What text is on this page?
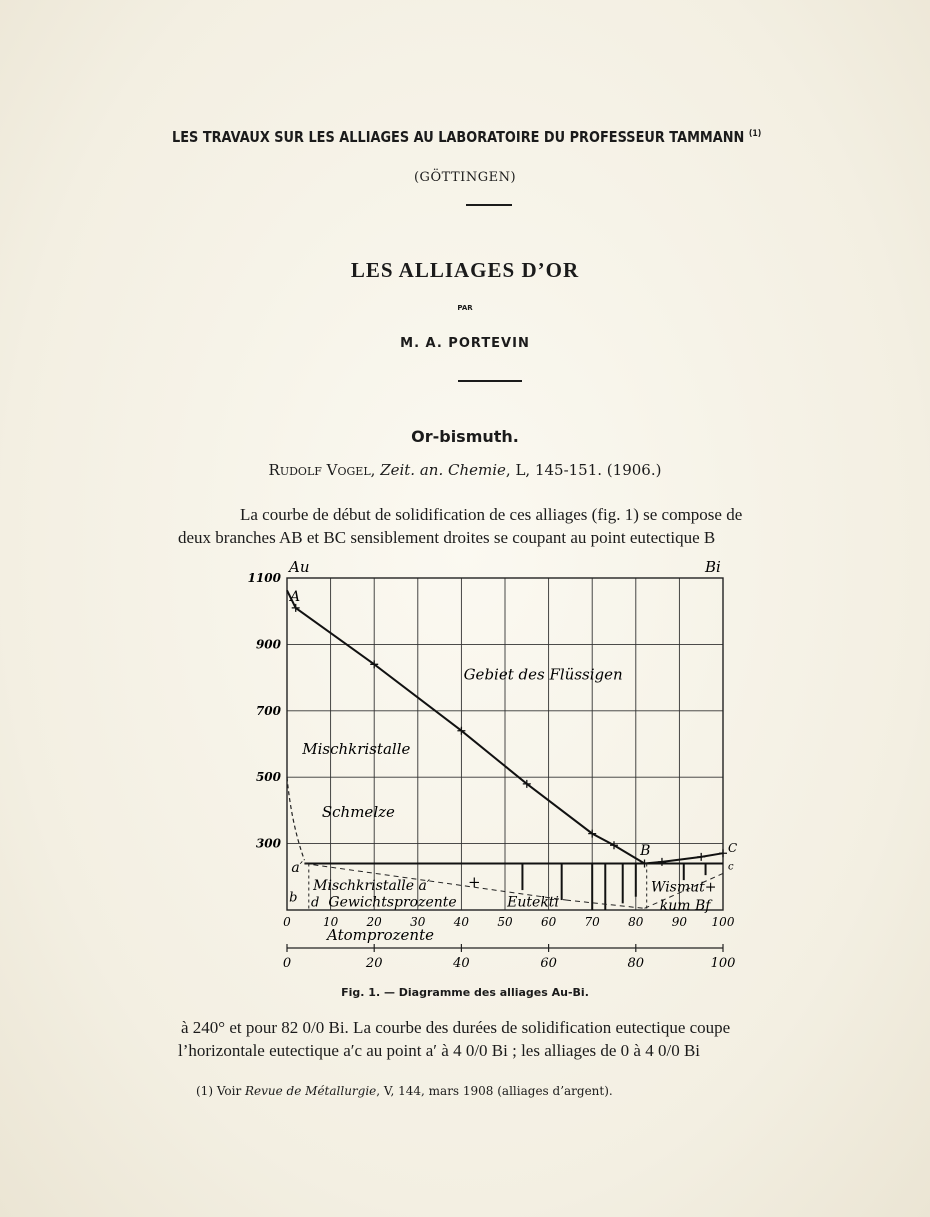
LES TRAVAUX SUR LES ALLIAGES AU LABORATOIRE DU PROFESSEUR TAMMANN $^{(1)}$
(GÖTTINGEN)
LES ALLIAGES D’OR
PAR
M. A. PORTEVIN
Or-bismuth.
Rudolf Vogel, Zeit. an. Chemie, L, 145-151. (1906.)
La courbe de début de solidification de ces alliages (fig. 1) se compose de
deux branches AB et BC sensiblement droites se coupant au point eutectique B
300
500
700
900
1100
0	10 20 30 40 50 60 70 80 90 100
Au	Bi
A
B	C
a′	c
b d
Gebiet des Flüssigen
Mischkristalle
Schmelze
Mischkristalle a′
Gewichtsprozente	Eutekti
Wismut+
kum Bf
+
0	20	40	60	80	100
Atomprozente
Fig. 1. — Diagramme des alliages Au-Bi.
à 240° et pour 82 0/0 Bi. La courbe des durées de solidification eutectique coupe
l’horizontale eutectique a′c au point a′ à 4 0/0 Bi ; les alliages de 0 à 4 0/0 Bi
(1) Voir Revue de Métallurgie, V, 144, mars 1908 (alliages d’argent).
